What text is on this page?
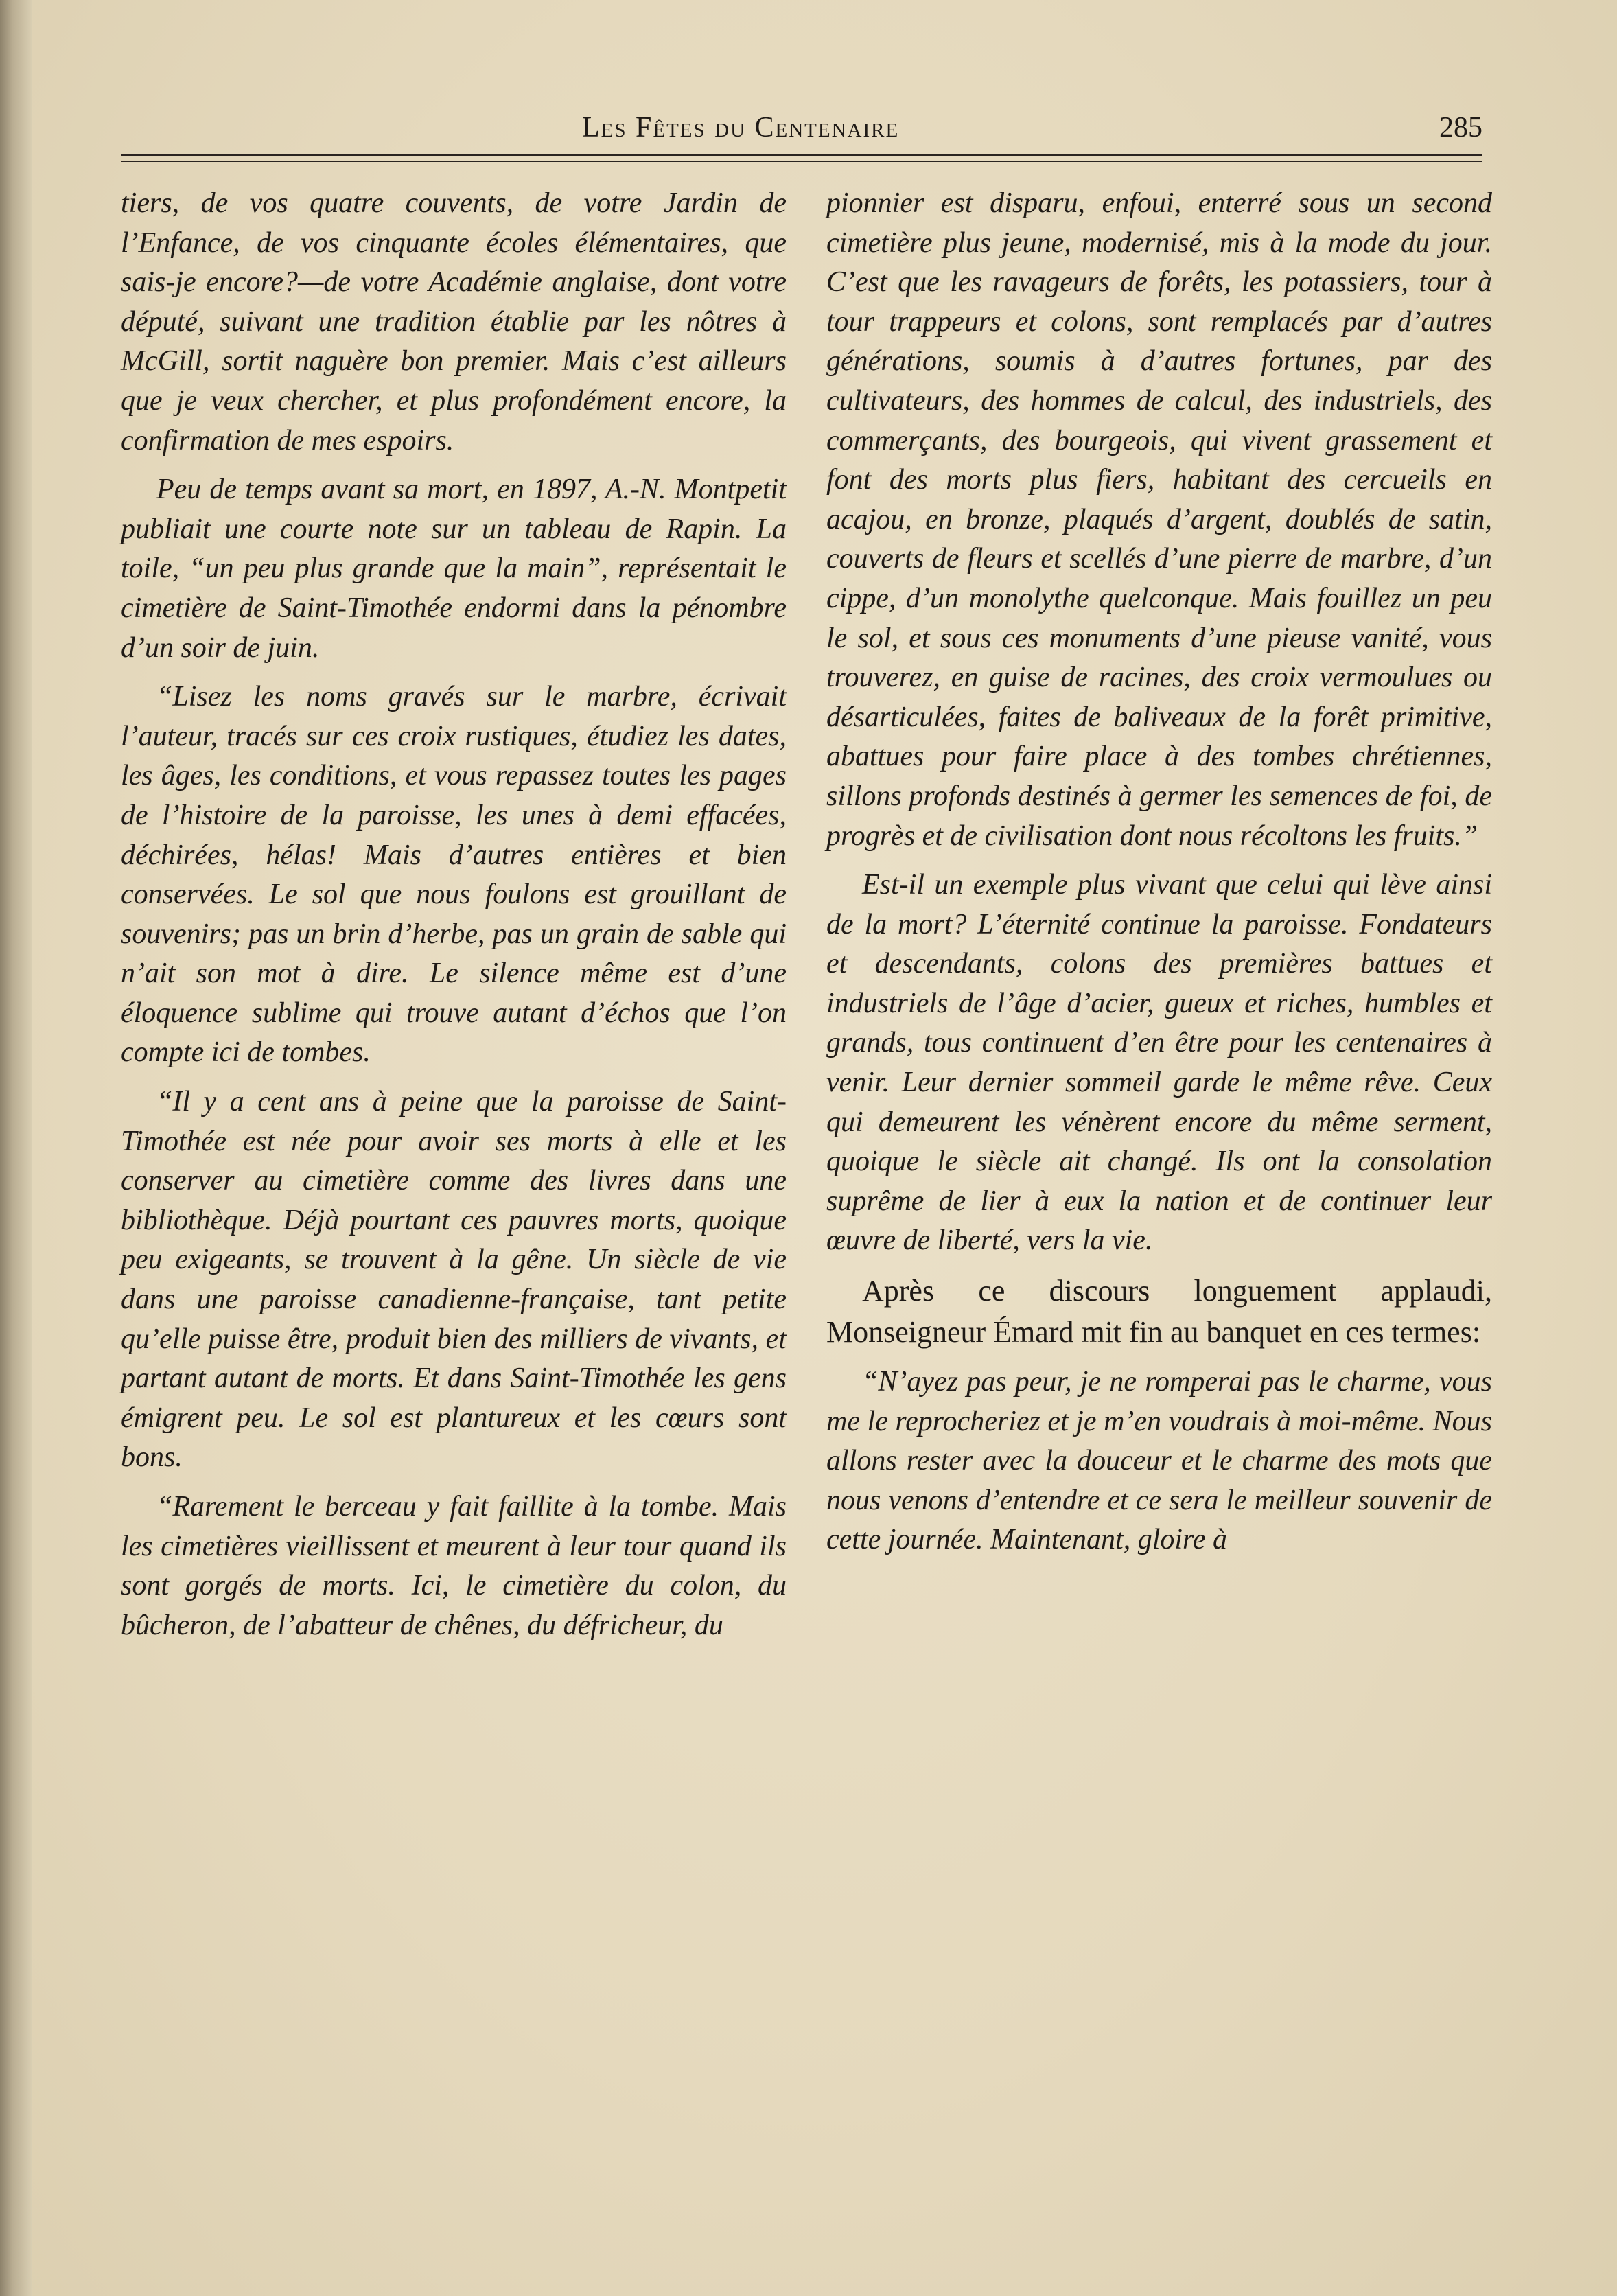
Les Fêtes du Centenaire	285

tiers, de vos quatre couvents, de votre Jardin de l’Enfance, de vos cinquante écoles élémentaires, que sais-je encore?—de votre Académie anglaise, dont votre député, suivant une tradition établie par les nôtres à McGill, sortit naguère bon premier. Mais c’est ailleurs que je veux chercher, et plus profondément encore, la confirmation de mes espoirs.

Peu de temps avant sa mort, en 1897, A.-N. Montpetit publiait une courte note sur un tableau de Rapin. La toile, “un peu plus grande que la main”, représentait le cimetière de Saint-Timothée endormi dans la pénombre d’un soir de juin.

“Lisez les noms gravés sur le marbre, écrivait l’auteur, tracés sur ces croix rustiques, étudiez les dates, les âges, les conditions, et vous repassez toutes les pages de l’histoire de la paroisse, les unes à demi effacées, déchirées, hélas! Mais d’autres entières et bien conservées. Le sol que nous foulons est grouillant de souvenirs; pas un brin d’herbe, pas un grain de sable qui n’ait son mot à dire. Le silence même est d’une éloquence sublime qui trouve autant d’échos que l’on compte ici de tombes.

“Il y a cent ans à peine que la paroisse de Saint-Timothée est née pour avoir ses morts à elle et les conserver au cimetière comme des livres dans une bibliothèque. Déjà pourtant ces pauvres morts, quoique peu exigeants, se trouvent à la gêne. Un siècle de vie dans une paroisse canadienne-française, tant petite qu’elle puisse être, produit bien des milliers de vivants, et partant autant de morts. Et dans Saint-Timothée les gens émigrent peu. Le sol est plantureux et les cœurs sont bons.

“Rarement le berceau y fait faillite à la tombe. Mais les cimetières vieillissent et meurent à leur tour quand ils sont gorgés de morts. Ici, le cimetière du colon, du bûcheron, de l’abatteur de chênes, du défricheur, du

pionnier est disparu, enfoui, enterré sous un second cimetière plus jeune, modernisé, mis à la mode du jour. C’est que les ravageurs de forêts, les potassiers, tour à tour trappeurs et colons, sont remplacés par d’autres générations, soumis à d’autres fortunes, par des cultivateurs, des hommes de calcul, des industriels, des commerçants, des bourgeois, qui vivent grassement et font des morts plus fiers, habitant des cercueils en acajou, en bronze, plaqués d’argent, doublés de satin, couverts de fleurs et scellés d’une pierre de marbre, d’un cippe, d’un monolythe quelconque. Mais fouillez un peu le sol, et sous ces monuments d’une pieuse vanité, vous trouverez, en guise de racines, des croix vermoulues ou désarticulées, faites de baliveaux de la forêt primitive, abattues pour faire place à des tombes chrétiennes, sillons profonds destinés à germer les semences de foi, de progrès et de civilisation dont nous récoltons les fruits.”

Est-il un exemple plus vivant que celui qui lève ainsi de la mort? L’éternité continue la paroisse. Fondateurs et descendants, colons des premières battues et industriels de l’âge d’acier, gueux et riches, humbles et grands, tous continuent d’en être pour les centenaires à venir. Leur dernier sommeil garde le même rêve. Ceux qui demeurent les vénèrent encore du même serment, quoique le siècle ait changé. Ils ont la consolation suprême de lier à eux la nation et de continuer leur œuvre de liberté, vers la vie.

Après ce discours longuement applaudi, Monseigneur Émard mit fin au banquet en ces termes:

“N’ayez pas peur, je ne romperai pas le charme, vous me le reprocheriez et je m’en voudrais à moi-même. Nous allons rester avec la douceur et le charme des mots que nous venons d’entendre et ce sera le meilleur souvenir de cette journée. Maintenant, gloire à
